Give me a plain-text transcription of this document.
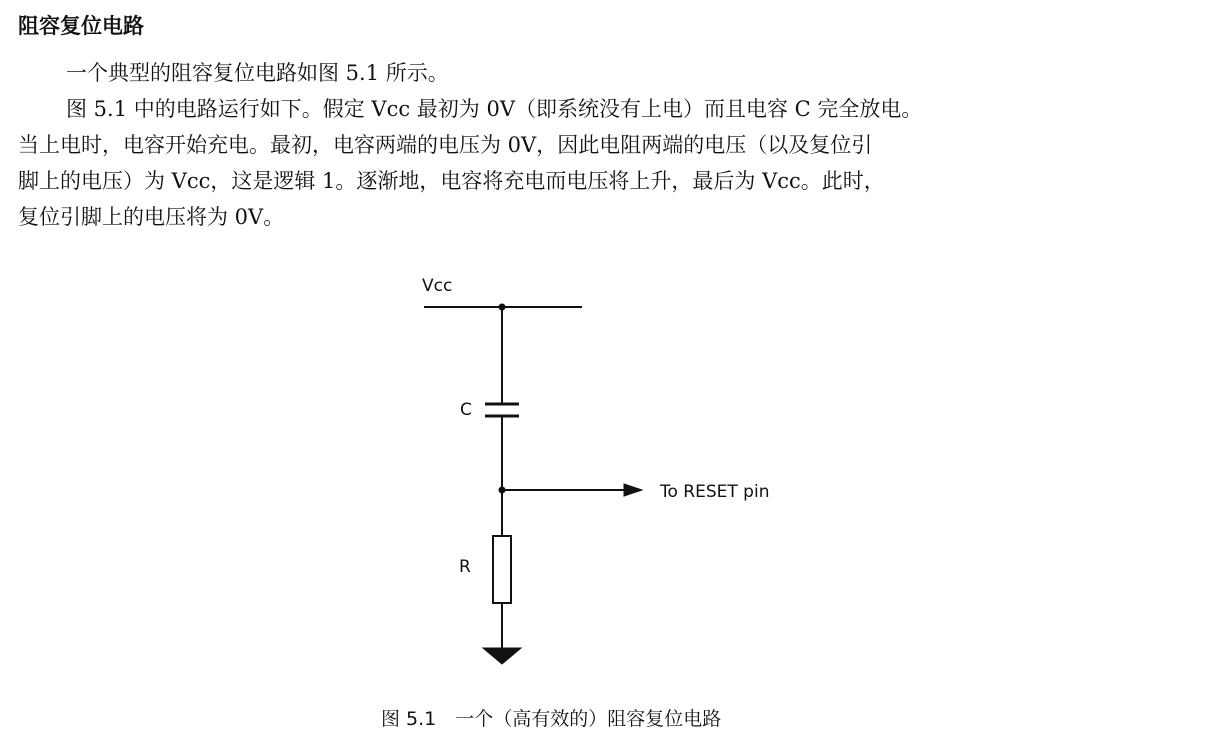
阻容复位电路

一个典型的阻容复位电路如图 5.1 所示。

图 5.1 中的电路运行如下。假定 Vcc 最初为 0V（即系统没有上电）而且电容 C 完全放电。
当上电时，电容开始充电。最初，电容两端的电压为 0V，因此电阻两端的电压（以及复位引
脚上的电压）为 Vcc，这是逻辑 1。逐渐地，电容将充电而电压将上升，最后为 Vcc。此时，
复位引脚上的电压将为 0V。
Vcc
C
To RESET pin
R

图 5.1　一个（高有效的）阻容复位电路
